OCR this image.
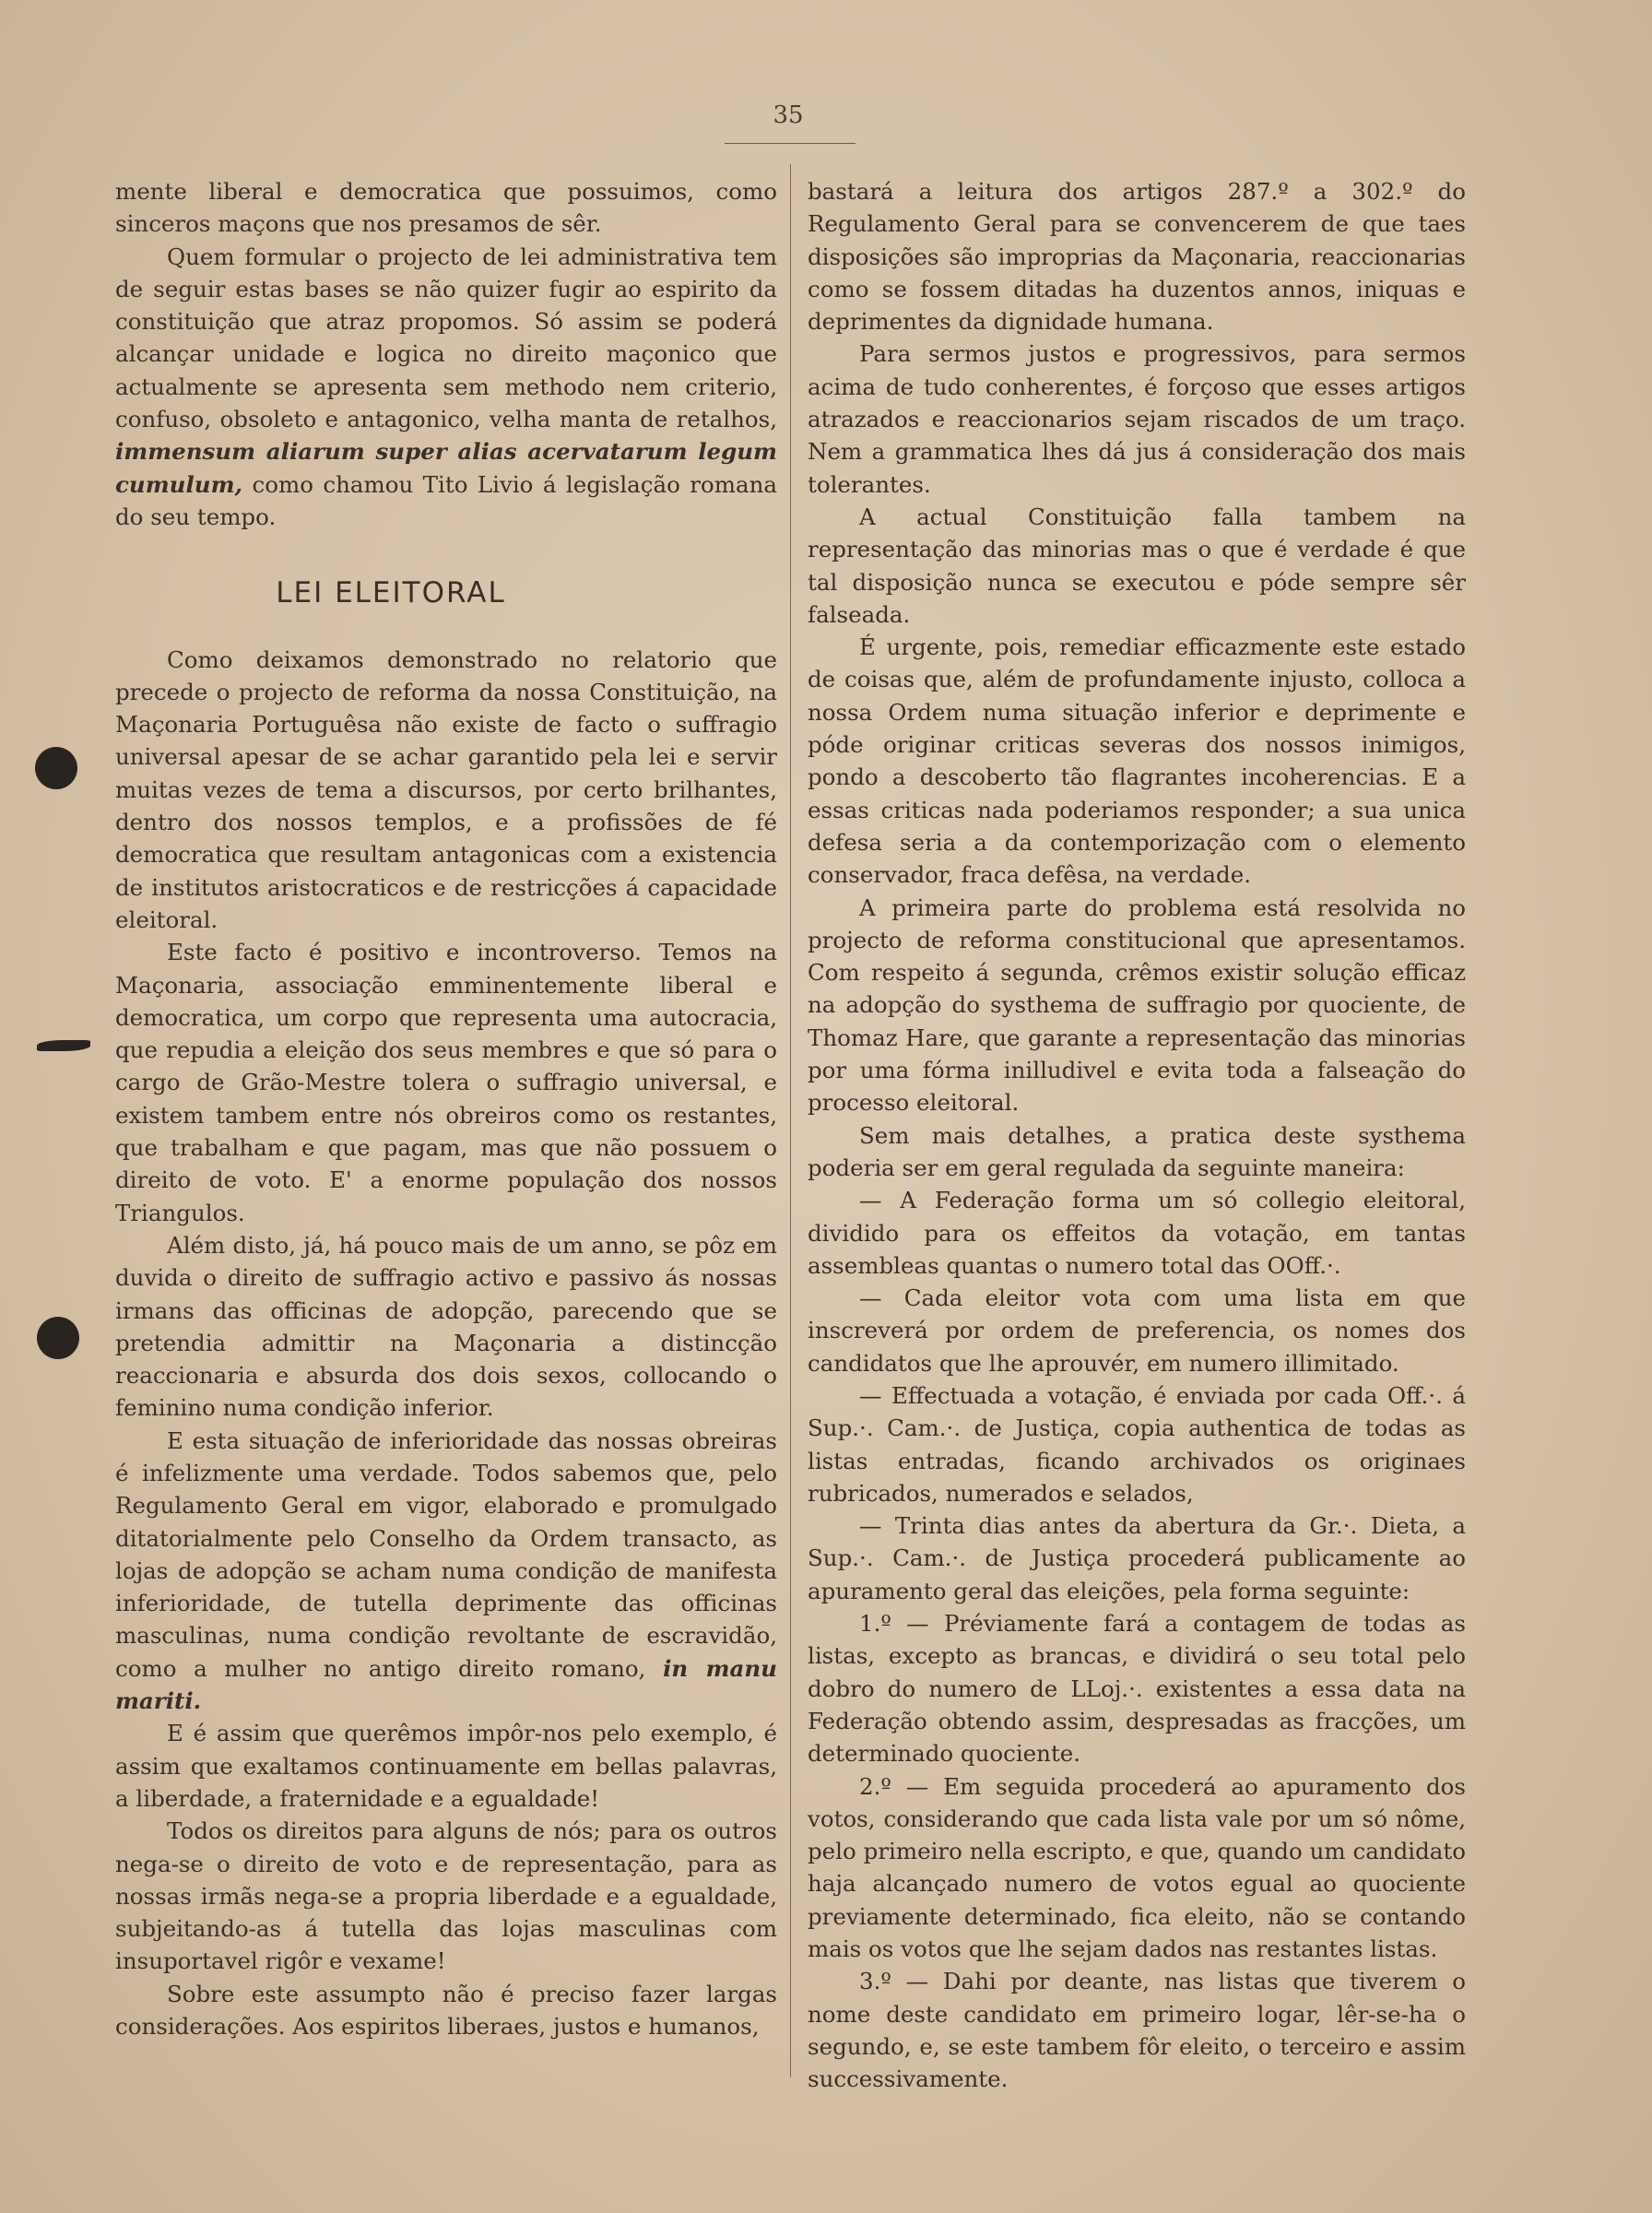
35

mente liberal e democratica que possuimos, como sinceros maçons que nos presamos de sêr.

Quem formular o projecto de lei administrativa tem de seguir estas bases se não quizer fugir ao espirito da constituição que atraz propomos. Só assim se poderá alcançar unidade e logica no direito maçonico que actualmente se apresenta sem methodo nem criterio, confuso, obsoleto e antagonico, velha manta de retalhos, immensum aliarum super alias acervatarum legum cumulum, como chamou Tito Livio á legislação romana do seu tempo.

LEI ELEITORAL

Como deixamos demonstrado no relatorio que precede o projecto de reforma da nossa Constituição, na Maçonaria Portuguêsa não existe de facto o suffragio universal apesar de se achar garantido pela lei e servir muitas vezes de tema a discursos, por certo brilhantes, dentro dos nossos templos, e a profissões de fé democratica que resultam antagonicas com a existencia de institutos aristocraticos e de restricções á capacidade eleitoral.

Este facto é positivo e incontroverso. Temos na Maçonaria, associação emminentemente liberal e democratica, um corpo que representa uma autocracia, que repudia a eleição dos seus membres e que só para o cargo de Grão-Mestre tolera o suffragio universal, e existem tambem entre nós obreiros como os restantes, que trabalham e que pagam, mas que não possuem o direito de voto. E' a enorme população dos nossos Triangulos.

Além disto, já, há pouco mais de um anno, se pôz em duvida o direito de suffragio activo e passivo ás nossas irmans das officinas de adopção, parecendo que se pretendia admittir na Maçonaria a distincção reaccionaria e absurda dos dois sexos, collocando o feminino numa condição inferior.

E esta situação de inferioridade das nossas obreiras é infelizmente uma verdade. Todos sabemos que, pelo Regulamento Geral em vigor, elaborado e promulgado ditatorialmente pelo Conselho da Ordem transacto, as lojas de adopção se acham numa condição de manifesta inferioridade, de tutella deprimente das officinas masculinas, numa condição revoltante de escravidão, como a mulher no antigo direito romano, in manu mariti.

E é assim que querêmos impôr-nos pelo exemplo, é assim que exaltamos continuamente em bellas palavras, a liberdade, a fraternidade e a egualdade!

Todos os direitos para alguns de nós; para os outros nega-se o direito de voto e de representação, para as nossas irmãs nega-se a propria liberdade e a egualdade, subjeitando-as á tutella das lojas masculinas com insuportavel rigôr e vexame!

Sobre este assumpto não é preciso fazer largas considerações. Aos espiritos liberaes, justos e humanos,

bastará a leitura dos artigos 287.º a 302.º do Regulamento Geral para se convencerem de que taes disposições são improprias da Maçonaria, reaccionarias como se fossem ditadas ha duzentos annos, iniquas e deprimentes da dignidade humana.

Para sermos justos e progressivos, para sermos acima de tudo conherentes, é forçoso que esses artigos atrazados e reaccionarios sejam riscados de um traço. Nem a grammatica lhes dá jus á consideração dos mais tolerantes.

A actual Constituição falla tambem na representação das minorias mas o que é verdade é que tal disposição nunca se executou e póde sempre sêr falseada.

É urgente, pois, remediar efficazmente este estado de coisas que, além de profundamente injusto, colloca a nossa Ordem numa situação inferior e deprimente e póde originar criticas severas dos nossos inimigos, pondo a descoberto tão flagrantes incoherencias. E a essas criticas nada poderiamos responder; a sua unica defesa seria a da contemporização com o elemento conservador, fraca defêsa, na verdade.

A primeira parte do problema está resolvida no projecto de reforma constitucional que apresentamos. Com respeito á segunda, crêmos existir solução efficaz na adopção do systhema de suffragio por quociente, de Thomaz Hare, que garante a representação das minorias por uma fórma inilludivel e evita toda a falseação do processo eleitoral.

Sem mais detalhes, a pratica deste systhema poderia ser em geral regulada da seguinte maneira:

— A Federação forma um só collegio eleitoral, dividido para os effeitos da votação, em tantas assembleas quantas o numero total das OOff.·.

— Cada eleitor vota com uma lista em que inscreverá por ordem de preferencia, os nomes dos candidatos que lhe aprouvér, em numero illimitado.

— Effectuada a votação, é enviada por cada Off.·. á Sup.·. Cam.·. de Justiça, copia authentica de todas as listas entradas, ficando archivados os originaes rubricados, numerados e selados,

— Trinta dias antes da abertura da Gr.·. Dieta, a Sup.·. Cam.·. de Justiça procederá publicamente ao apuramento geral das eleições, pela forma seguinte:

1.º — Préviamente fará a contagem de todas as listas, excepto as brancas, e dividirá o seu total pelo dobro do numero de LLoj.·. existentes a essa data na Federação obtendo assim, despresadas as fracções, um determinado quociente.

2.º — Em seguida procederá ao apuramento dos votos, considerando que cada lista vale por um só nôme, pelo primeiro nella escripto, e que, quando um candidato haja alcançado numero de votos egual ao quociente previamente determinado, fica eleito, não se contando mais os votos que lhe sejam dados nas restantes listas.

3.º — Dahi por deante, nas listas que tiverem o nome deste candidato em primeiro logar, lêr-se-ha o segundo, e, se este tambem fôr eleito, o terceiro e assim successivamente.
